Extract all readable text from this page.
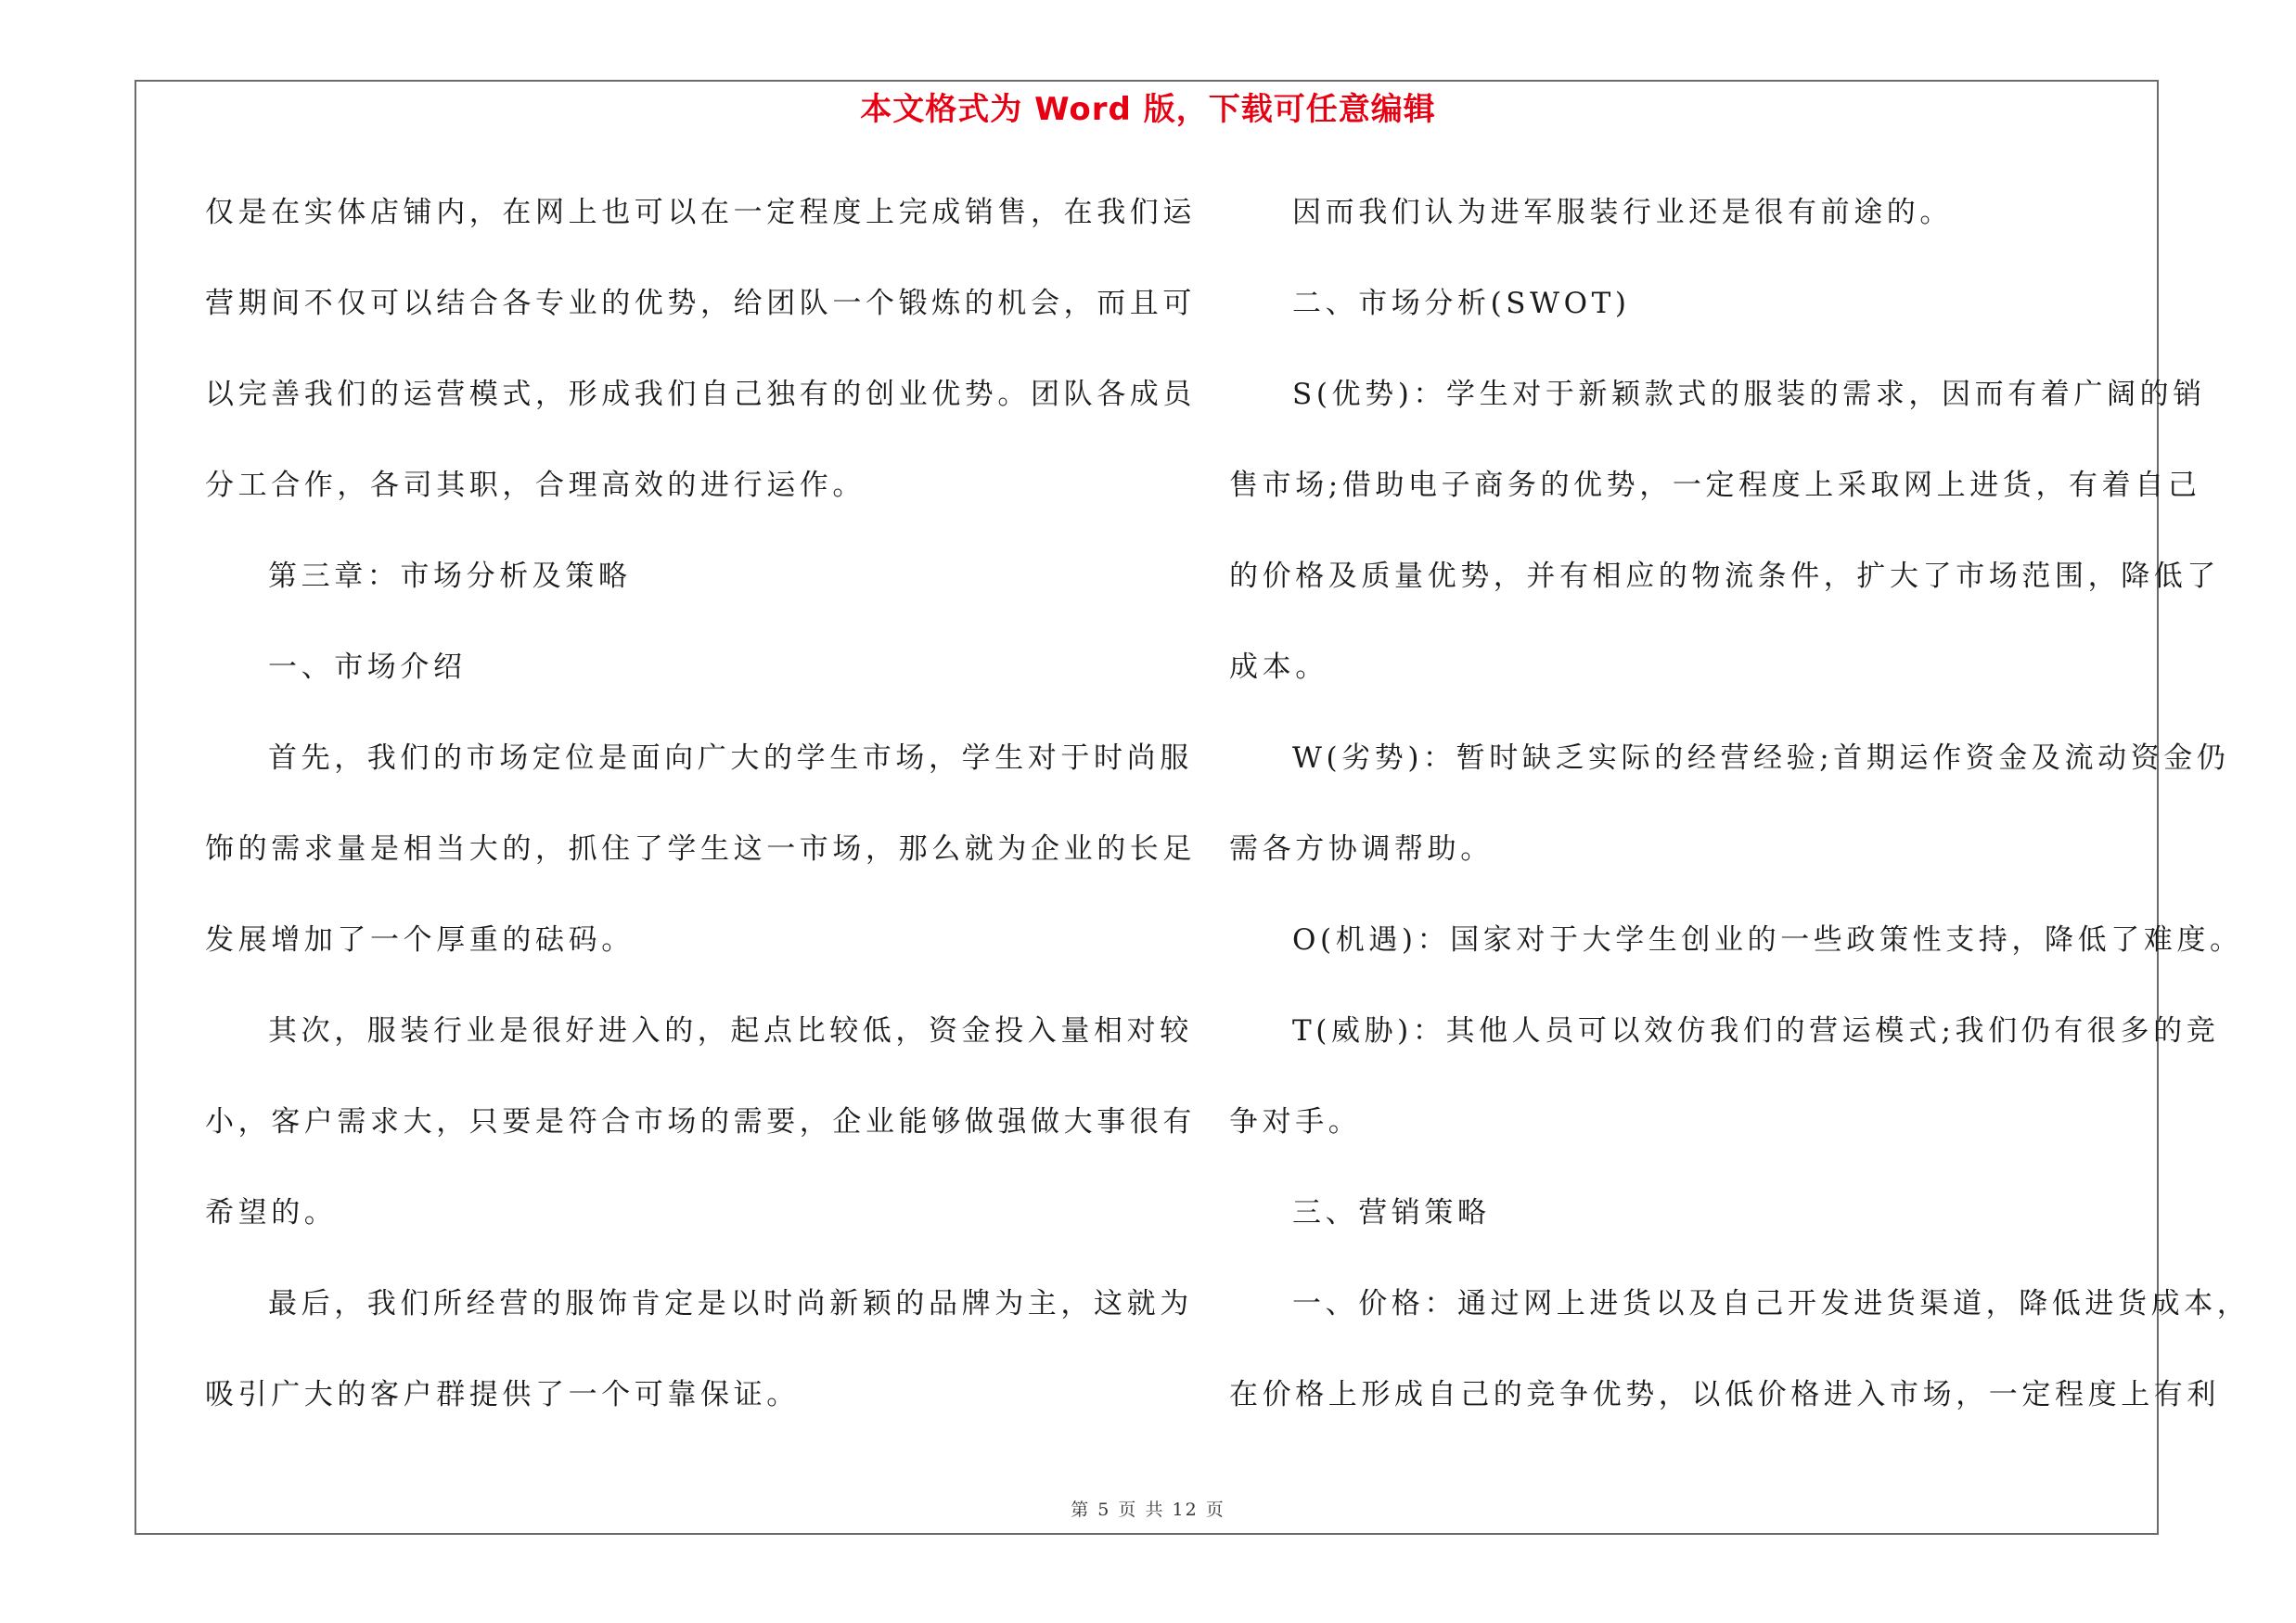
本文格式为 Word 版，下载可任意编辑
仅是在实体店铺内，在网上也可以在一定程度上完成销售，在我们运
营期间不仅可以结合各专业的优势，给团队一个锻炼的机会，而且可
以完善我们的运营模式，形成我们自己独有的创业优势。团队各成员
分工合作，各司其职，合理高效的进行运作。
第三章：市场分析及策略
一、市场介绍
首先，我们的市场定位是面向广大的学生市场，学生对于时尚服
饰的需求量是相当大的，抓住了学生这一市场，那么就为企业的长足
发展增加了一个厚重的砝码。
其次，服装行业是很好进入的，起点比较低，资金投入量相对较
小，客户需求大，只要是符合市场的需要，企业能够做强做大事很有
希望的。
最后，我们所经营的服饰肯定是以时尚新颖的品牌为主，这就为
吸引广大的客户群提供了一个可靠保证。
因而我们认为进军服装行业还是很有前途的。
二、市场分析(SWOT)
S(优势)：学生对于新颖款式的服装的需求，因而有着广阔的销
售市场;借助电子商务的优势，一定程度上采取网上进货，有着自己
的价格及质量优势，并有相应的物流条件，扩大了市场范围，降低了
成本。
W(劣势)：暂时缺乏实际的经营经验;首期运作资金及流动资金仍
需各方协调帮助。
O(机遇)：国家对于大学生创业的一些政策性支持，降低了难度。
T(威胁)：其他人员可以效仿我们的营运模式;我们仍有很多的竞
争对手。
三、营销策略
一、价格：通过网上进货以及自己开发进货渠道，降低进货成本，
在价格上形成自己的竞争优势，以低价格进入市场，一定程度上有利
第 5 页 共 12 页
